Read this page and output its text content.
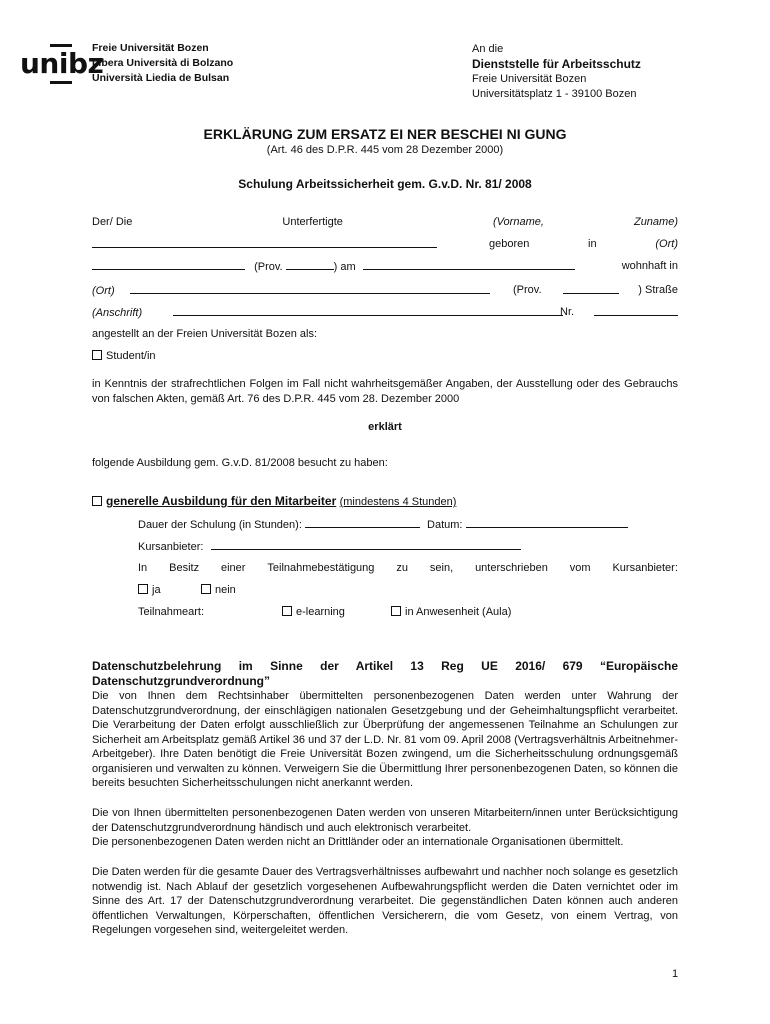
unibz
Freie Universität Bozen
Libera Università di Bolzano
Università Liedia de Bulsan
An die
Dienststelle für Arbeitsschutz
Freie Universität Bozen
Universitätsplatz 1 - 39100 Bozen
ERKLÄRUNG ZUM ERSATZ EI NER BESCHEI NI GUNG
(Art. 46 des D.P.R. 445 vom 28 Dezember 2000)
Schulung Arbeitssicherheit gem. G.v.D. Nr. 81/ 2008
Der/ Die	Unterfertigte	(Vorname,	Zuname)
geboren	in	(Ort)
(Prov.	) am	wohnhaft in
(Ort)	(Prov.	) Straße
(Anschrift)	Nr.
angestellt an der Freien Universität Bozen als:
Student/in
in Kenntnis der strafrechtlichen Folgen im Fall nicht wahrheitsgemäßer Angaben, der Ausstellung oder des Gebrauchs von falschen Akten, gemäß Art. 76 des D.P.R. 445 vom 28. Dezember 2000
erklärt
folgende Ausbildung gem. G.v.D. 81/2008 besucht zu haben:
generelle Ausbildung für den Mitarbeiter (mindestens 4 Stunden)
Dauer der Schulung (in Stunden):	Datum:
Kursanbieter:
In Besitz einer Teilnahmebestätigung zu sein, unterschrieben vom Kursanbieter:
ja	nein
Teilnahmeart:	e-learning	in Anwesenheit (Aula)
Datenschutzbelehrung im Sinne der Artikel 13 Reg UE 2016/ 679 “Europäische Datenschutzgrundverordnung”
Die von Ihnen dem Rechtsinhaber übermittelten personenbezogenen Daten werden unter Wahrung der Datenschutzgrundverordnung, der einschlägigen nationalen Gesetzgebung und der Geheimhaltungspflicht verarbeitet. Die Verarbeitung der Daten erfolgt ausschließlich zur Überprüfung der angemessenen Teilnahme an Schulungen zur Sicherheit am Arbeitsplatz gemäß Artikel 36 und 37 der L.D. Nr. 81 vom 09. April 2008 (Vertragsverhältnis Arbeitnehmer-Arbeitgeber). Ihre Daten benötigt die Freie Universität Bozen zwingend, um die Sicherheitsschulung ordnungsgemäß organisieren und verwalten zu können. Verweigern Sie die Übermittlung Ihrer personenbezogenen Daten, so können die bereits besuchten Sicherheitsschulungen nicht anerkannt werden.
Die von Ihnen übermittelten personenbezogenen Daten werden von unseren Mitarbeitern/innen unter Berücksichtigung der Datenschutzgrundverordnung händisch und auch elektronisch verarbeitet.
Die personenbezogenen Daten werden nicht an Drittländer oder an internationale Organisationen übermittelt.
Die Daten werden für die gesamte Dauer des Vertragsverhältnisses aufbewahrt und nachher noch solange es gesetzlich notwendig ist. Nach Ablauf der gesetzlich vorgesehenen Aufbewahrungspflicht werden die Daten vernichtet oder im Sinne des Art. 17 der Datenschutzgrundverordnung verarbeitet. Die gegenständlichen Daten können auch anderen öffentlichen Verwaltungen, Körperschaften, öffentlichen Versicherern, die vom Gesetz, von einem Vertrag, von Regelungen vorgesehen sind, weitergeleitet werden.
1
